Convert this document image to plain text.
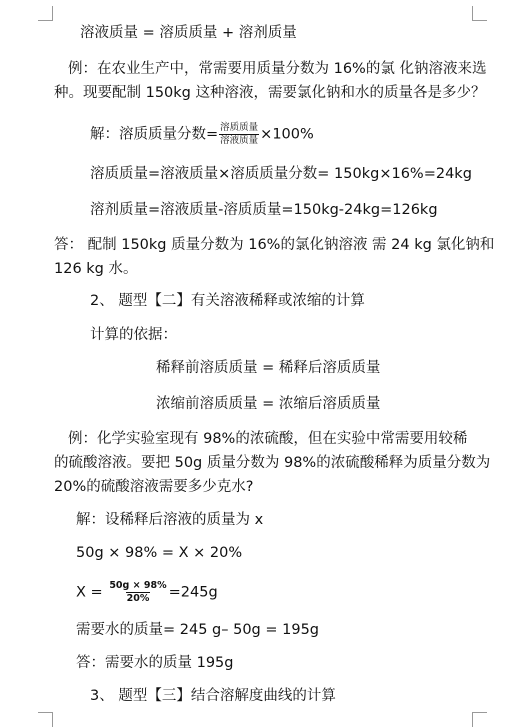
溶液质量 = 溶质质量 + 溶剂质量
例：在农业生产中，常需要用质量分数为 16%的氯 化钠溶液来选
种。现要配制 150kg 这种溶液，需要氯化钠和水的质量各是多少？
解：溶质质量分数= $\frac{\text{溶质质量}}{\text{溶液质量}} \times 100\%$
溶质质量=溶液质量×溶质质量分数= 150kg×16%=24kg
溶剂质量=溶液质量-溶质质量=150kg-24kg=126kg
答： 配制 150kg 质量分数为 16%的氯化钠溶液 需 24 kg 氯化钠和
126 kg 水。
2、 题型【二】有关溶液稀释或浓缩的计算
计算的依据：
稀释前溶质质量 = 稀释后溶质质量
浓缩前溶质质量 = 浓缩后溶质质量
例：化学实验室现有 98%的浓硫酸，但在实验中常需要用较稀
的硫酸溶液。要把 50g 质量分数为 98%的浓硫酸稀释为质量分数为
20%的硫酸溶液需要多少克水?
解：设稀释后溶液的质量为 x
50g × 98% = X × 20%
$X = \frac{50g \times 98\%}{20\%} =245g$
需要水的质量= 245 g– 50g = 195g
答：需要水的质量 195g
3、 题型【三】结合溶解度曲线的计算
